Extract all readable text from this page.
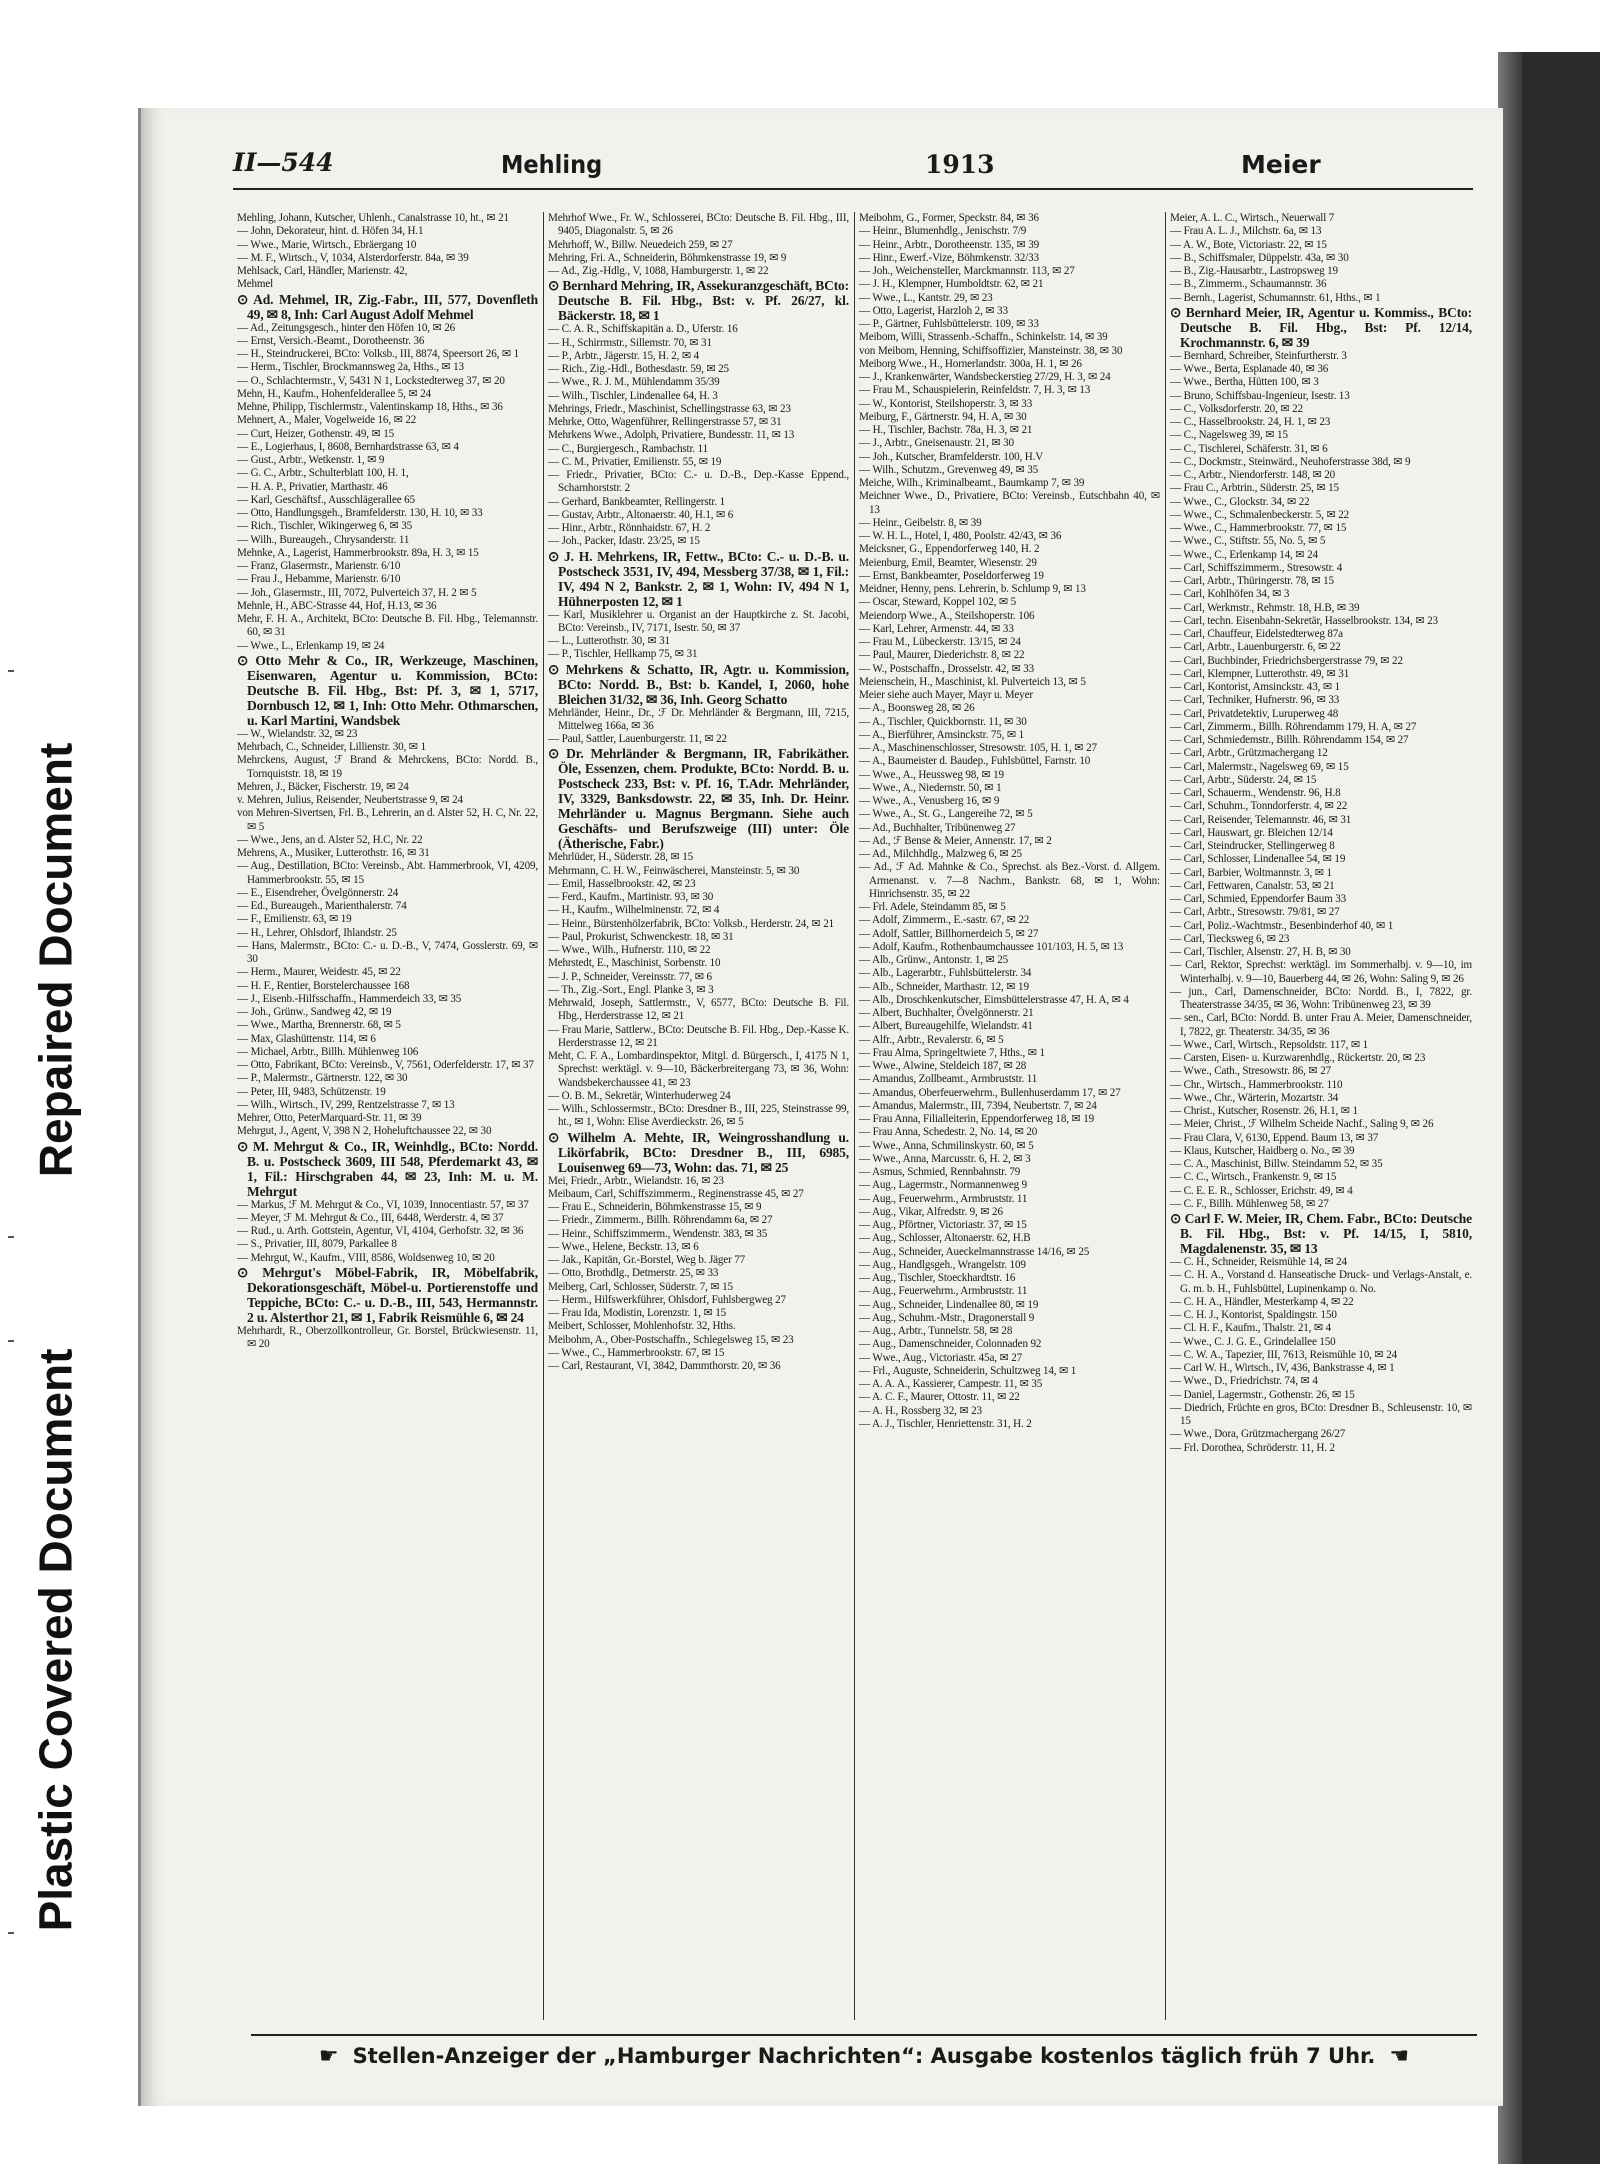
Repaired Document
Plastic Covered Document
II—544	Mehling	1913	Meier

Mehling, Johann, Kutscher, Uhlenh., Canalstrasse 10, ht., ✉ 21

— John, Dekorateur, hint. d. Höfen 34, H.1

— Wwe., Marie, Wirtsch., Ebräergang 10

— M. F., Wirtsch., V, 1034, Alsterdorferstr. 84a, ✉ 39

Mehlsack, Carl, Händler, Marienstr. 42,

Mehmel

⊙ Ad. Mehmel, IR, Zig.-Fabr., III, 577, Dovenfleth 49, ✉ 8, Inh: Carl August Adolf Mehmel

— Ad., Zeitungsgesch., hinter den Höfen 10, ✉ 26

— Ernst, Versich.-Beamt., Dorotheenstr. 36

— H., Steindruckerei, BCto: Volksb., III, 8874, Speersort 26, ✉ 1

— Herm., Tischler, Brockmannsweg 2a, Hths., ✉ 13

— O., Schlachtermstr., V, 5431 N 1, Lockstedterweg 37, ✉ 20

Mehn, H., Kaufm., Hohenfelderallee 5, ✉ 24

Mehne, Philipp, Tischlermstr., Valentinskamp 18, Hths., ✉ 36

Mehnert, A., Maler, Vogelweide 16, ✉ 22

— Curt, Heizer, Gothenstr. 49, ✉ 15

— E., Logierhaus, I, 8608, Bernhardstrasse 63, ✉ 4

— Gust., Arbtr., Wetkenstr. 1, ✉ 9

— G. C., Arbtr., Schulterblatt 100, H. 1,

— H. A. P., Privatier, Marthastr. 46

— Karl, Geschäftsf., Ausschlägerallee 65

— Otto, Handlungsgeh., Bramfelderstr. 130, H. 10, ✉ 33

— Rich., Tischler, Wikingerweg 6, ✉ 35

— Wilh., Bureaugeh., Chrysanderstr. 11

Mehnke, A., Lagerist, Hammerbrookstr. 89a, H. 3, ✉ 15

— Franz, Glasermstr., Marienstr. 6/10

— Frau J., Hebamme, Marienstr. 6/10

— Joh., Glasermstr., III, 7072, Pulverteich 37, H. 2 ✉ 5

Mehnle, H., ABC-Strasse 44, Hof, H.13, ✉ 36

Mehr, F. H. A., Architekt, BCto: Deutsche B. Fil. Hbg., Telemannstr. 60, ✉ 31

— Wwe., L., Erlenkamp 19, ✉ 24

⊙ Otto Mehr & Co., IR, Werkzeuge, Maschinen, Eisenwaren, Agentur u. Kommission, BCto: Deutsche B. Fil. Hbg., Bst: Pf. 3, ✉ 1, 5717, Dornbusch 12, ✉ 1, Inh: Otto Mehr. Othmarschen, u. Karl Martini, Wandsbek

— W., Wielandstr. 32, ✉ 23

Mehrbach, C., Schneider, Lillienstr. 30, ✉ 1

Mehrckens, August, ℱ Brand & Mehrckens, BCto: Nordd. B., Tornquiststr. 18, ✉ 19

Mehren, J., Bäcker, Fischerstr. 19, ✉ 24

v. Mehren, Julius, Reisender, Neubertstrasse 9, ✉ 24

von Mehren-Sivertsen, Frl. B., Lehrerin, an d. Alster 52, H. C, Nr. 22, ✉ 5

— Wwe., Jens, an d. Alster 52, H.C, Nr. 22

Mehrens, A., Musiker, Lutterothstr. 16, ✉ 31

— Aug., Destillation, BCto: Vereinsb., Abt. Hammerbrook, VI, 4209, Hammerbrookstr. 55, ✉ 15

— E., Eisendreher, Övelgönnerstr. 24

— Ed., Bureaugeh., Marienthalerstr. 74

— F., Emilienstr. 63, ✉ 19

— H., Lehrer, Ohlsdorf, Ihlandstr. 25

— Hans, Malermstr., BCto: C.- u. D.-B., V, 7474, Gosslerstr. 69, ✉ 30

— Herm., Maurer, Weidestr. 45, ✉ 22

— H. F., Rentier, Borstelerchaussee 168

— J., Eisenb.-Hilfsschaffn., Hammerdeich 33, ✉ 35

— Joh., Grünw., Sandweg 42, ✉ 19

— Wwe., Martha, Brennerstr. 68, ✉ 5

— Max, Glashüttenstr. 114, ✉ 6

— Michael, Arbtr., Billh. Mühlenweg 106

— Otto, Fabrikant, BCto: Vereinsb., V, 7561, Oderfelderstr. 17, ✉ 37

— P., Malermstr., Gärtnerstr. 122, ✉ 30

— Peter, III, 9483, Schützenstr. 19

— Wilh., Wirtsch., IV, 299, Rentzelstrasse 7, ✉ 13

Mehrer, Otto, PeterMarquard-Str. 11, ✉ 39

Mehrgut, J., Agent, V, 398 N 2, Hoheluftchaussee 22, ✉ 30

⊙ M. Mehrgut & Co., IR, Weinhdlg., BCto: Nordd. B. u. Postscheck 3609, III 548, Pferdemarkt 43, ✉ 1, Fil.: Hirschgraben 44, ✉ 23, Inh: M. u. M. Mehrgut

— Markus, ℱ M. Mehrgut & Co., VI, 1039, Innocentiastr. 57, ✉ 37

— Meyer, ℱ M. Mehrgut & Co., III, 6448, Werderstr. 4, ✉ 37

— Rud., u. Arth. Gottstein, Agentur, VI, 4104, Gerhofstr. 32, ✉ 36

— S., Privatier, III, 8079, Parkallee 8

— Mehrgut, W., Kaufm., VIII, 8586, Woldsenweg 10, ✉ 20

⊙ Mehrgut's Möbel-Fabrik, IR, Möbelfabrik, Dekorationsgeschäft, Möbel-u. Portierenstoffe und Teppiche, BCto: C.- u. D.-B., III, 543, Hermannstr. 2 u. Alsterthor 21, ✉ 1, Fabrik Reismühle 6, ✉ 24

Mehrhardt, R., Oberzollkontrolleur, Gr. Borstel, Brückwiesenstr. 11, ✉ 20

Mehrhof Wwe., Fr. W., Schlosserei, BCto: Deutsche B. Fil. Hbg., III, 9405, Diagonalstr. 5, ✉ 26

Mehrhoff, W., Billw. Neuedeich 259, ✉ 27

Mehring, Fri. A., Schneiderin, Böhmkenstrasse 19, ✉ 9

— Ad., Zig.-Hdlg., V, 1088, Hamburgerstr. 1, ✉ 22

⊙ Bernhard Mehring, IR, Assekuranzgeschäft, BCto: Deutsche B. Fil. Hbg., Bst: v. Pf. 26/27, kl. Bäckerstr. 18, ✉ 1

— C. A. R., Schiffskapitän a. D., Uferstr. 16

— H., Schirrmstr., Sillemstr. 70, ✉ 31

— P., Arbtr., Jägerstr. 15, H. 2, ✉ 4

— Rich., Zig.-Hdl., Bothesdastr. 59, ✉ 25

— Wwe., R. J. M., Mühlendamm 35/39

— Wilh., Tischler, Lindenallee 64, H. 3

Mehrings, Friedr., Maschinist, Schellingstrasse 63, ✉ 23

Mehrke, Otto, Wagenführer, Rellingerstrasse 57, ✉ 31

Mehrkens Wwe., Adolph, Privatiere, Bundesstr. 11, ✉ 13

— C., Burgiergesch., Rambachstr. 11

— C. M., Privatier, Emilienstr. 55, ✉ 19

— Friedr., Privatier, BCto: C.- u. D.-B., Dep.-Kasse Eppend., Scharnhorststr. 2

— Gerhard, Bankbeamter, Rellingerstr. 1

— Gustav, Arbtr., Altonaerstr. 40, H.1, ✉ 6

— Hinr., Arbtr., Rönnhaidstr. 67, H. 2

— Joh., Packer, Idastr. 23/25, ✉ 15

⊙ J. H. Mehrkens, IR, Fettw., BCto: C.- u. D.-B. u. Postscheck 3531, IV, 494, Messberg 37/38, ✉ 1, Fil.: IV, 494 N 2, Bankstr. 2, ✉ 1, Wohn: IV, 494 N 1, Hühnerposten 12, ✉ 1

— Karl, Musiklehrer u. Organist an der Hauptkirche z. St. Jacobi, BCto: Vereinsb., IV, 7171, Isestr. 50, ✉ 37

— L., Lutterothstr. 30, ✉ 31

— P., Tischler, Hellkamp 75, ✉ 31

⊙ Mehrkens & Schatto, IR, Agtr. u. Kommission, BCto: Nordd. B., Bst: b. Kandel, I, 2060, hohe Bleichen 31/32, ✉ 36, Inh. Georg Schatto

Mehrländer, Heinr., Dr., ℱ Dr. Mehrländer & Bergmann, III, 7215, Mittelweg 166a, ✉ 36

— Paul, Sattler, Lauenburgerstr. 11, ✉ 22

⊙ Dr. Mehrländer & Bergmann, IR, Fabrikäther. Öle, Essenzen, chem. Produkte, BCto: Nordd. B. u. Postscheck 233, Bst: v. Pf. 16, T.Adr. Mehrländer, IV, 3329, Banksdowstr. 22, ✉ 35, Inh. Dr. Heinr. Mehrländer u. Magnus Bergmann. Siehe auch Geschäfts- und Berufszweige (III) unter: Öle (Ätherische, Fabr.)

Mehrlüder, H., Süderstr. 28, ✉ 15

Mehrmann, C. H. W., Feinwäscherei, Mansteinstr. 5, ✉ 30

— Emil, Hasselbrookstr. 42, ✉ 23

— Ferd., Kaufm., Martinistr. 93, ✉ 30

— H., Kaufm., Wilhelminenstr. 72, ✉ 4

— Heinr., Bürstenhölzerfabrik, BCto: Volksb., Herderstr. 24, ✉ 21

— Paul, Prokurist, Schwenckestr. 18, ✉ 31

— Wwe., Wilh., Hufnerstr. 110, ✉ 22

Mehrstedt, E., Maschinist, Sorbenstr. 10

— J. P., Schneider, Vereinsstr. 77, ✉ 6

— Th., Zig.-Sort., Engl. Planke 3, ✉ 3

Mehrwald, Joseph, Sattlermstr., V, 6577, BCto: Deutsche B. Fil. Hbg., Herderstrasse 12, ✉ 21

— Frau Marie, Sattlerw., BCto: Deutsche B. Fil. Hbg., Dep.-Kasse K. Herderstrasse 12, ✉ 21

Meht, C. F. A., Lombardinspektor, Mitgl. d. Bürgersch., I, 4175 N 1, Sprechst: werktägl. v. 9—10, Bäckerbreitergang 73, ✉ 36, Wohn: Wandsbekerchaussee 41, ✉ 23

— O. B. M., Sekretär, Winterhuderweg 24

— Wilh., Schlossermstr., BCto: Dresdner B., III, 225, Steinstrasse 99, ht., ✉ 1, Wohn: Elise Averdieckstr. 26, ✉ 5

⊙ Wilhelm A. Mehte, IR, Weingrosshandlung u. Likörfabrik, BCto: Dresdner B., III, 6985, Louisenweg 69—73, Wohn: das. 71, ✉ 25

Mei, Friedr., Arbtr., Wielandstr. 16, ✉ 23

Meibaum, Carl, Schiffszimmerm., Reginenstrasse 45, ✉ 27

— Frau E., Schneiderin, Böhmkenstrasse 15, ✉ 9

— Friedr., Zimmerm., Billh. Röhrendamm 6a, ✉ 27

— Heinr., Schiffszimmerm., Wendenstr. 383, ✉ 35

— Wwe., Helene, Beckstr. 13, ✉ 6

— Jak., Kapitän, Gr.-Borstel, Weg b. Jäger 77

— Otto, Brothdlg., Detmerstr. 25, ✉ 33

Meiberg, Carl, Schlosser, Süderstr. 7, ✉ 15

— Herm., Hilfswerkführer, Ohlsdorf, Fuhlsbergweg 27

— Frau Ida, Modistin, Lorenzstr. 1, ✉ 15

Meibert, Schlosser, Mohlenhofstr. 32, Hths.

Meibohm, A., Ober-Postschaffn., Schlegelsweg 15, ✉ 23

— Wwe., C., Hammerbrookstr. 67, ✉ 15

— Carl, Restaurant, VI, 3842, Dammthorstr. 20, ✉ 36

Meibohm, G., Former, Speckstr. 84, ✉ 36

— Heinr., Blumenhdlg., Jenischstr. 7/9

— Heinr., Arbtr., Dorotheenstr. 135, ✉ 39

— Hinr., Ewerf.-Vize, Böhmkenstr. 32/33

— Joh., Weichensteller, Marckmannstr. 113, ✉ 27

— J. H., Klempner, Humboldtstr. 62, ✉ 21

— Wwe., L., Kantstr. 29, ✉ 23

— Otto, Lagerist, Harzloh 2, ✉ 33

— P., Gärtner, Fuhlsbüttelerstr. 109, ✉ 33

Meibom, Willi, Strassenb.-Schaffn., Schinkelstr. 14, ✉ 39

von Meibom, Henning, Schiffsoffizier, Mansteinstr. 38, ✉ 30

Meiborg Wwe., H., Hornerlandstr. 300a, H. 1, ✉ 26

— J., Krankenwärter, Wandsbeckerstieg 27/29, H. 3, ✉ 24

— Frau M., Schauspielerin, Reinfeldstr. 7, H. 3, ✉ 13

— W., Kontorist, Steilshoperstr. 3, ✉ 33

Meiburg, F., Gärtnerstr. 94, H. A, ✉ 30

— H., Tischler, Bachstr. 78a, H. 3, ✉ 21

— J., Arbtr., Gneisenaustr. 21, ✉ 30

— Joh., Kutscher, Bramfelderstr. 100, H.V

— Wilh., Schutzm., Grevenweg 49, ✉ 35

Meiche, Wilh., Kriminalbeamt., Baumkamp 7, ✉ 39

Meichner Wwe., D., Privatiere, BCto: Vereinsb., Eutschbahn 40, ✉ 13

— Heinr., Geibelstr. 8, ✉ 39

— W. H. L., Hotel, I, 480, Poolstr. 42/43, ✉ 36

Meicksner, G., Eppendorferweg 140, H. 2

Meienburg, Emil, Beamter, Wiesenstr. 29

— Ernst, Bankbeamter, Poseldorferweg 19

Meidner, Henny, pens. Lehrerin, b. Schlump 9, ✉ 13

— Oscar, Steward, Koppel 102, ✉ 5

Meiendorp Wwe., A., Steilshoperstr. 106

— Karl, Lehrer, Armenstr. 44, ✉ 33

— Frau M., Lübeckerstr. 13/15, ✉ 24

— Paul, Maurer, Diederichstr. 8, ✉ 22

— W., Postschaffn., Drosselstr. 42, ✉ 33

Meienschein, H., Maschinist, kl. Pulverteich 13, ✉ 5

Meier siehe auch Mayer, Mayr u. Meyer

— A., Boonsweg 28, ✉ 26

— A., Tischler, Quickbornstr. 11, ✉ 30

— A., Bierführer, Amsinckstr. 75, ✉ 1

— A., Maschinenschlosser, Stresowstr. 105, H. 1, ✉ 27

— A., Baumeister d. Baudep., Fuhlsbüttel, Farnstr. 10

— Wwe., A., Heussweg 98, ✉ 19

— Wwe., A., Niedernstr. 50, ✉ 1

— Wwe., A., Venusberg 16, ✉ 9

— Wwe., A., St. G., Langereihe 72, ✉ 5

— Ad., Buchhalter, Tribünenweg 27

— Ad., ℱ Bense & Meier, Annenstr. 17, ✉ 2

— Ad., Milchhdlg., Malzweg 6, ✉ 25

— Ad., ℱ Ad. Mahnke & Co., Sprechst. als Bez.-Vorst. d. Allgem. Armenanst. v. 7—8 Nachm., Bankstr. 68, ✉ 1, Wohn: Hinrichsenstr. 35, ✉ 22

— Frl. Adele, Steindamm 85, ✉ 5

— Adolf, Zimmerm., E.-sastr. 67, ✉ 22

— Adolf, Sattler, Billhornerdeich 5, ✉ 27

— Adolf, Kaufm., Rothenbaumchaussee 101/103, H. 5, ✉ 13

— Alb., Grünw., Antonstr. 1, ✉ 25

— Alb., Lagerarbtr., Fuhlsbüttelerstr. 34

— Alb., Schneider, Marthastr. 12, ✉ 19

— Alb., Droschkenkutscher, Eimsbüttelerstrasse 47, H. A, ✉ 4

— Albert, Buchhalter, Övelgönnerstr. 21

— Albert, Bureaugehilfe, Wielandstr. 41

— Alfr., Arbtr., Revalerstr. 6, ✉ 5

— Frau Alma, Springeltwiete 7, Hths., ✉ 1

— Wwe., Alwine, Steldeich 187, ✉ 28

— Amandus, Zollbeamt., Armbruststr. 11

— Amandus, Oberfeuerwehrm., Bullenhuserdamm 17, ✉ 27

— Amandus, Malermstr., III, 7394, Neubertstr. 7, ✉ 24

— Frau Anna, Filialleiterin, Eppendorferweg 18, ✉ 19

— Frau Anna, Schedestr. 2, No. 14, ✉ 20

— Wwe., Anna, Schmilinskystr. 60, ✉ 5

— Wwe., Anna, Marcusstr. 6, H. 2, ✉ 3

— Asmus, Schmied, Rennbahnstr. 79

— Aug., Lagermstr., Normannenweg 9

— Aug., Feuerwehrm., Armbruststr. 11

— Aug., Vikar, Alfredstr. 9, ✉ 26

— Aug., Pförtner, Victoriastr. 37, ✉ 15

— Aug., Schlosser, Altonaerstr. 62, H.B

— Aug., Schneider, Aueckelmannstrasse 14/16, ✉ 25

— Aug., Handlgsgeh., Wrangelstr. 109

— Aug., Tischler, Stoeckhardtstr. 16

— Aug., Feuerwehrm., Armbruststr. 11

— Aug., Schneider, Lindenallee 80, ✉ 19

— Aug., Schuhm.-Mstr., Dragonerstall 9

— Aug., Arbtr., Tunnelstr. 58, ✉ 28

— Aug., Damenschneider, Colonnaden 92

— Wwe., Aug., Victoriastr. 45a, ✉ 27

— Frl., Auguste, Schneiderin, Schultzweg 14, ✉ 1

— A. A. A., Kassierer, Campestr. 11, ✉ 35

— A. C. F., Maurer, Ottostr. 11, ✉ 22

— A. H., Rossberg 32, ✉ 23

— A. J., Tischler, Henriettenstr. 31, H. 2

Meier, A. L. C., Wirtsch., Neuerwall 7

— Frau A. L. J., Milchstr. 6a, ✉ 13

— A. W., Bote, Victoriastr. 22, ✉ 15

— B., Schiffsmaler, Düppelstr. 43a, ✉ 30

— B., Zig.-Hausarbtr., Lastropsweg 19

— B., Zimmerm., Schaumannstr. 36

— Bernh., Lagerist, Schumannstr. 61, Hths., ✉ 1

⊙ Bernhard Meier, IR, Agentur u. Kommiss., BCto: Deutsche B. Fil. Hbg., Bst: Pf. 12/14, Krochmannstr. 6, ✉ 39

— Bernhard, Schreiber, Steinfurtherstr. 3

— Wwe., Berta, Esplanade 40, ✉ 36

— Wwe., Bertha, Hütten 100, ✉ 3

— Bruno, Schiffsbau-Ingenieur, Isestr. 13

— C., Volksdorferstr. 20, ✉ 22

— C., Hasselbrookstr. 24, H. 1, ✉ 23

— C., Nagelsweg 39, ✉ 15

— C., Tischlerei, Schäferstr. 31, ✉ 6

— C., Dockmstr., Steinwärd., Neuhoferstrasse 38d, ✉ 9

— C., Arbtr., Niendorferstr. 148, ✉ 20

— Frau C., Arbtrin., Süderstr. 25, ✉ 15

— Wwe., C., Glockstr. 34, ✉ 22

— Wwe., C., Schmalenbeckerstr. 5, ✉ 22

— Wwe., C., Hammerbrookstr. 77, ✉ 15

— Wwe., C., Stiftstr. 55, No. 5, ✉ 5

— Wwe., C., Erlenkamp 14, ✉ 24

— Carl, Schiffszimmerm., Stresowstr. 4

— Carl, Arbtr., Thüringerstr. 78, ✉ 15

— Carl, Kohlhöfen 34, ✉ 3

— Carl, Werkmstr., Rehmstr. 18, H.B, ✉ 39

— Carl, techn. Eisenbahn-Sekretär, Hasselbrookstr. 134, ✉ 23

— Carl, Chauffeur, Eidelstedterweg 87a

— Carl, Arbtr., Lauenburgerstr. 6, ✉ 22

— Carl, Buchbinder, Friedrichsbergerstrasse 79, ✉ 22

— Carl, Klempner, Lutterothstr. 49, ✉ 31

— Carl, Kontorist, Amsinckstr. 43, ✉ 1

— Carl, Techniker, Hufnerstr. 96, ✉ 33

— Carl, Privatdetektiv, Luruperweg 48

— Carl, Zimmerm., Billh. Röhrendamm 179, H. A, ✉ 27

— Carl, Schmiedemstr., Billh. Röhrendamm 154, ✉ 27

— Carl, Arbtr., Grützmachergang 12

— Carl, Malermstr., Nagelsweg 69, ✉ 15

— Carl, Arbtr., Süderstr. 24, ✉ 15

— Carl, Schauerm., Wendenstr. 96, H.8

— Carl, Schuhm., Tonndorferstr. 4, ✉ 22

— Carl, Reisender, Telemannstr. 46, ✉ 31

— Carl, Hauswart, gr. Bleichen 12/14

— Carl, Steindrucker, Stellingerweg 8

— Carl, Schlosser, Lindenallee 54, ✉ 19

— Carl, Barbier, Woltmannstr. 3, ✉ 1

— Carl, Fettwaren, Canalstr. 53, ✉ 21

— Carl, Schmied, Eppendorfer Baum 33

— Carl, Arbtr., Stresowstr. 79/81, ✉ 27

— Carl, Poliz.-Wachtmstr., Besenbinderhof 40, ✉ 1

— Carl, Tiecksweg 6, ✉ 23

— Carl, Tischler, Alsenstr. 27, H. B, ✉ 30

— Carl, Rektor, Sprechst: werktägl. im Sommerhalbj. v. 9—10, im Winterhalbj. v. 9—10, Bauerberg 44, ✉ 26, Wohn: Saling 9, ✉ 26

— jun., Carl, Damenschneider, BCto: Nordd. B., I, 7822, gr. Theaterstrasse 34/35, ✉ 36, Wohn: Tribünenweg 23, ✉ 39

— sen., Carl, BCto: Nordd. B. unter Frau A. Meier, Damenschneider, I, 7822, gr. Theaterstr. 34/35, ✉ 36

— Wwe., Carl, Wirtsch., Repsoldstr. 117, ✉ 1

— Carsten, Eisen- u. Kurzwarenhdlg., Rückertstr. 20, ✉ 23

— Wwe., Cath., Stresowstr. 86, ✉ 27

— Chr., Wirtsch., Hammerbrookstr. 110

— Wwe., Chr., Wärterin, Mozartstr. 34

— Christ., Kutscher, Rosenstr. 26, H.1, ✉ 1

— Meier, Christ., ℱ Wilhelm Scheide Nachf., Saling 9, ✉ 26

— Frau Clara, V, 6130, Eppend. Baum 13, ✉ 37

— Klaus, Kutscher, Haidberg o. No., ✉ 39

— C. A., Maschinist, Billw. Steindamm 52, ✉ 35

— C. C., Wirtsch., Frankenstr. 9, ✉ 15

— C. E. E. R., Schlosser, Erichstr. 49, ✉ 4

— C. F., Billh. Mühlenweg 58, ✉ 27

⊙ Carl F. W. Meier, IR, Chem. Fabr., BCto: Deutsche B. Fil. Hbg., Bst: v. Pf. 14/15, I, 5810, Magdalenenstr. 35, ✉ 13

— C. H., Schneider, Reismühle 14, ✉ 24

— C. H. A., Vorstand d. Hanseatische Druck- und Verlags-Anstalt, e. G. m. b. H., Fuhlsbüttel, Lupinenkamp o. No.

— C. H. A., Händler, Mesterkamp 4, ✉ 22

— C. H. J., Kontorist, Spaldingstr. 150

— Cl. H. F., Kaufm., Thalstr. 21, ✉ 4

— Wwe., C. J. G. E., Grindelallee 150

— C. W. A., Tapezier, III, 7613, Reismühle 10, ✉ 24

— Carl W. H., Wirtsch., IV, 436, Bankstrasse 4, ✉ 1

— Wwe., D., Friedrichstr. 74, ✉ 4

— Daniel, Lagermstr., Gothenstr. 26, ✉ 15

— Diedrich, Früchte en gros, BCto: Dresdner B., Schleusenstr. 10, ✉ 15

— Wwe., Dora, Grützmachergang 26/27

— Frl. Dorothea, Schröderstr. 11, H. 2

☛ Stellen-Anzeiger der „Hamburger Nachrichten“: Ausgabe kostenlos täglich früh 7 Uhr. ☚
